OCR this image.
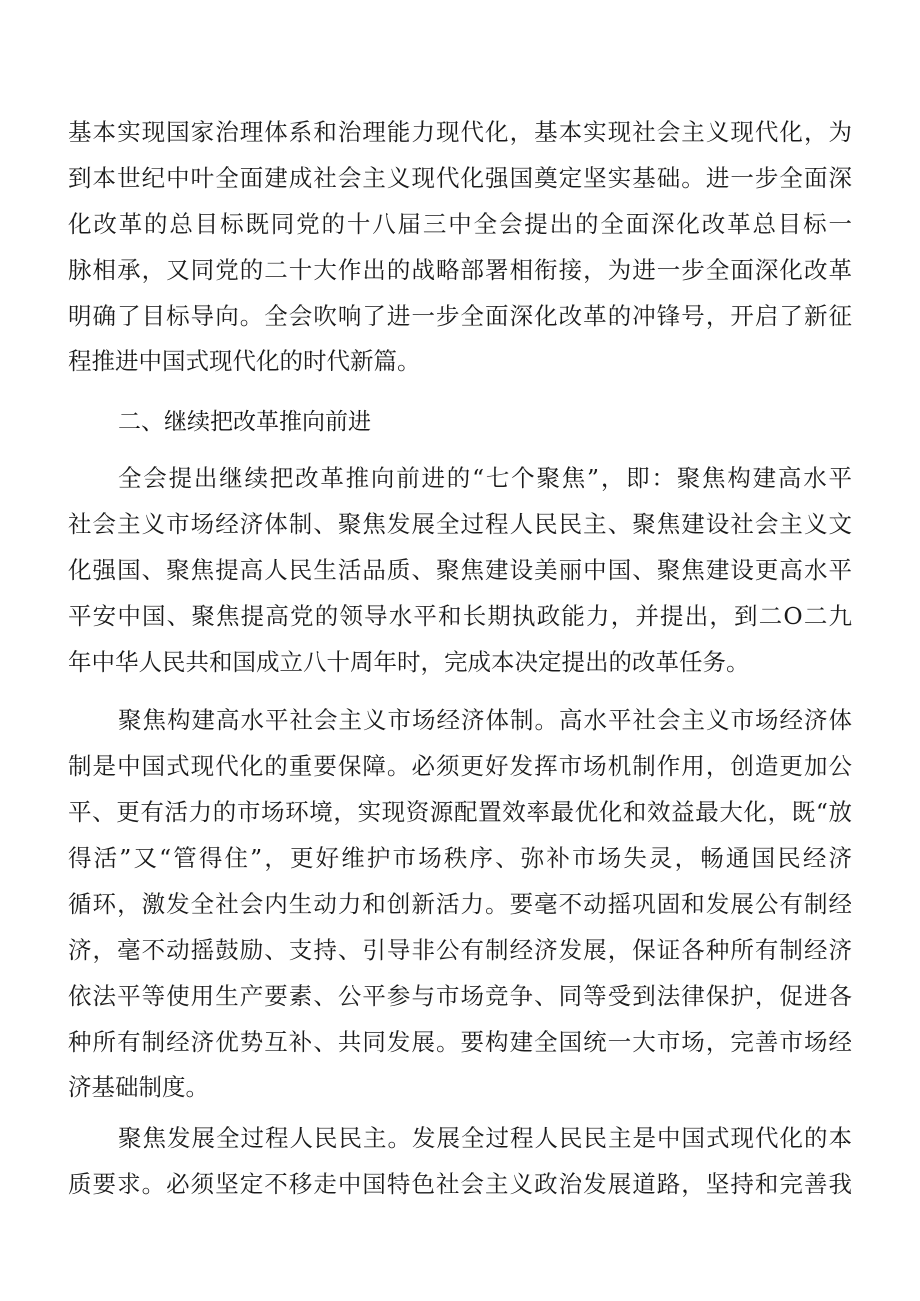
基本实现国家治理体系和治理能力现代化，基本实现社会主义现代化，为
到本世纪中叶全面建成社会主义现代化强国奠定坚实基础。进一步全面深
化改革的总目标既同党的十八届三中全会提出的全面深化改革总目标一
脉相承，又同党的二十大作出的战略部署相衔接，为进一步全面深化改革
明确了目标导向。全会吹响了进一步全面深化改革的冲锋号，开启了新征
程推进中国式现代化的时代新篇。
二、继续把改革推向前进
全会提出继续把改革推向前进的“七个聚焦”，即：聚焦构建高水平
社会主义市场经济体制、聚焦发展全过程人民民主、聚焦建设社会主义文
化强国、聚焦提高人民生活品质、聚焦建设美丽中国、聚焦建设更高水平
平安中国、聚焦提高党的领导水平和长期执政能力，并提出，到二O二九
年中华人民共和国成立八十周年时，完成本决定提出的改革任务。
聚焦构建高水平社会主义市场经济体制。高水平社会主义市场经济体
制是中国式现代化的重要保障。必须更好发挥市场机制作用，创造更加公
平、更有活力的市场环境，实现资源配置效率最优化和效益最大化，既“放
得活”又“管得住”，更好维护市场秩序、弥补市场失灵，畅通国民经济
循环，激发全社会内生动力和创新活力。要毫不动摇巩固和发展公有制经
济，毫不动摇鼓励、支持、引导非公有制经济发展，保证各种所有制经济
依法平等使用生产要素、公平参与市场竞争、同等受到法律保护，促进各
种所有制经济优势互补、共同发展。要构建全国统一大市场，完善市场经
济基础制度。
聚焦发展全过程人民民主。发展全过程人民民主是中国式现代化的本
质要求。必须坚定不移走中国特色社会主义政治发展道路，坚持和完善我
